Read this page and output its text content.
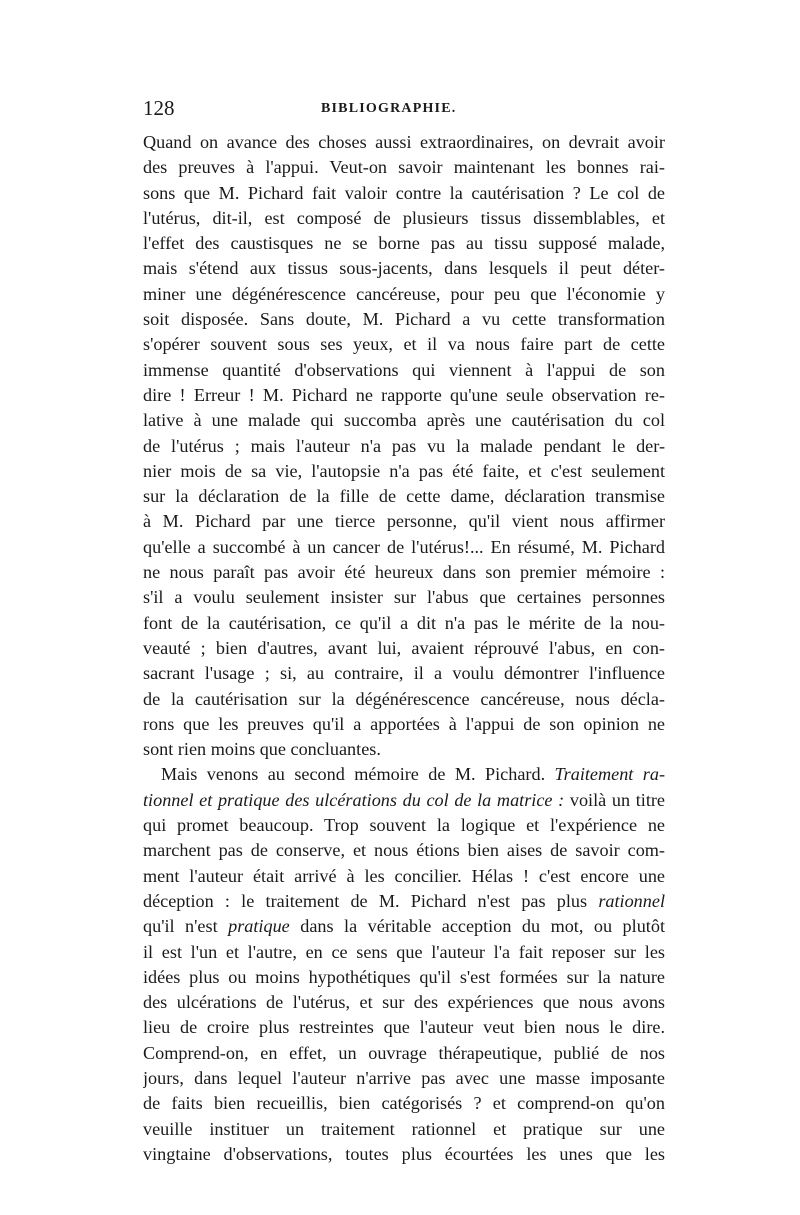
128	BIBLIOGRAPHIE.
Quand on avance des choses aussi extraordinaires, on devrait avoir
des preuves à l'appui. Veut-on savoir maintenant les bonnes rai-
sons que M. Pichard fait valoir contre la cautérisation ? Le col de
l'utérus, dit-il, est composé de plusieurs tissus dissemblables, et
l'effet des caustisques ne se borne pas au tissu supposé malade,
mais s'étend aux tissus sous-jacents, dans lesquels il peut déter-
miner une dégénérescence cancéreuse, pour peu que l'économie y
soit disposée. Sans doute, M. Pichard a vu cette transformation
s'opérer souvent sous ses yeux, et il va nous faire part de cette
immense quantité d'observations qui viennent à l'appui de son
dire ! Erreur ! M. Pichard ne rapporte qu'une seule observation re-
lative à une malade qui succomba après une cautérisation du col
de l'utérus ; mais l'auteur n'a pas vu la malade pendant le der-
nier mois de sa vie, l'autopsie n'a pas été faite, et c'est seulement
sur la déclaration de la fille de cette dame, déclaration transmise
à M. Pichard par une tierce personne, qu'il vient nous affirmer
qu'elle a succombé à un cancer de l'utérus!... En résumé, M. Pichard
ne nous paraît pas avoir été heureux dans son premier mémoire :
s'il a voulu seulement insister sur l'abus que certaines personnes
font de la cautérisation, ce qu'il a dit n'a pas le mérite de la nou-
veauté ; bien d'autres, avant lui, avaient réprouvé l'abus, en con-
sacrant l'usage ; si, au contraire, il a voulu démontrer l'influence
de la cautérisation sur la dégénérescence cancéreuse, nous décla-
rons que les preuves qu'il a apportées à l'appui de son opinion ne
sont rien moins que concluantes.
Mais venons au second mémoire de M. Pichard. Traitement ra-
tionnel et pratique des ulcérations du col de la matrice : voilà un titre
qui promet beaucoup. Trop souvent la logique et l'expérience ne
marchent pas de conserve, et nous étions bien aises de savoir com-
ment l'auteur était arrivé à les concilier. Hélas ! c'est encore une
déception : le traitement de M. Pichard n'est pas plus rationnel
qu'il n'est pratique dans la véritable acception du mot, ou plutôt
il est l'un et l'autre, en ce sens que l'auteur l'a fait reposer sur les
idées plus ou moins hypothétiques qu'il s'est formées sur la nature
des ulcérations de l'utérus, et sur des expériences que nous avons
lieu de croire plus restreintes que l'auteur veut bien nous le dire.
Comprend-on, en effet, un ouvrage thérapeutique, publié de nos
jours, dans lequel l'auteur n'arrive pas avec une masse imposante
de faits bien recueillis, bien catégorisés ? et comprend-on qu'on
veuille instituer un traitement rationnel et pratique sur une
vingtaine d'observations, toutes plus écourtées les unes que les
